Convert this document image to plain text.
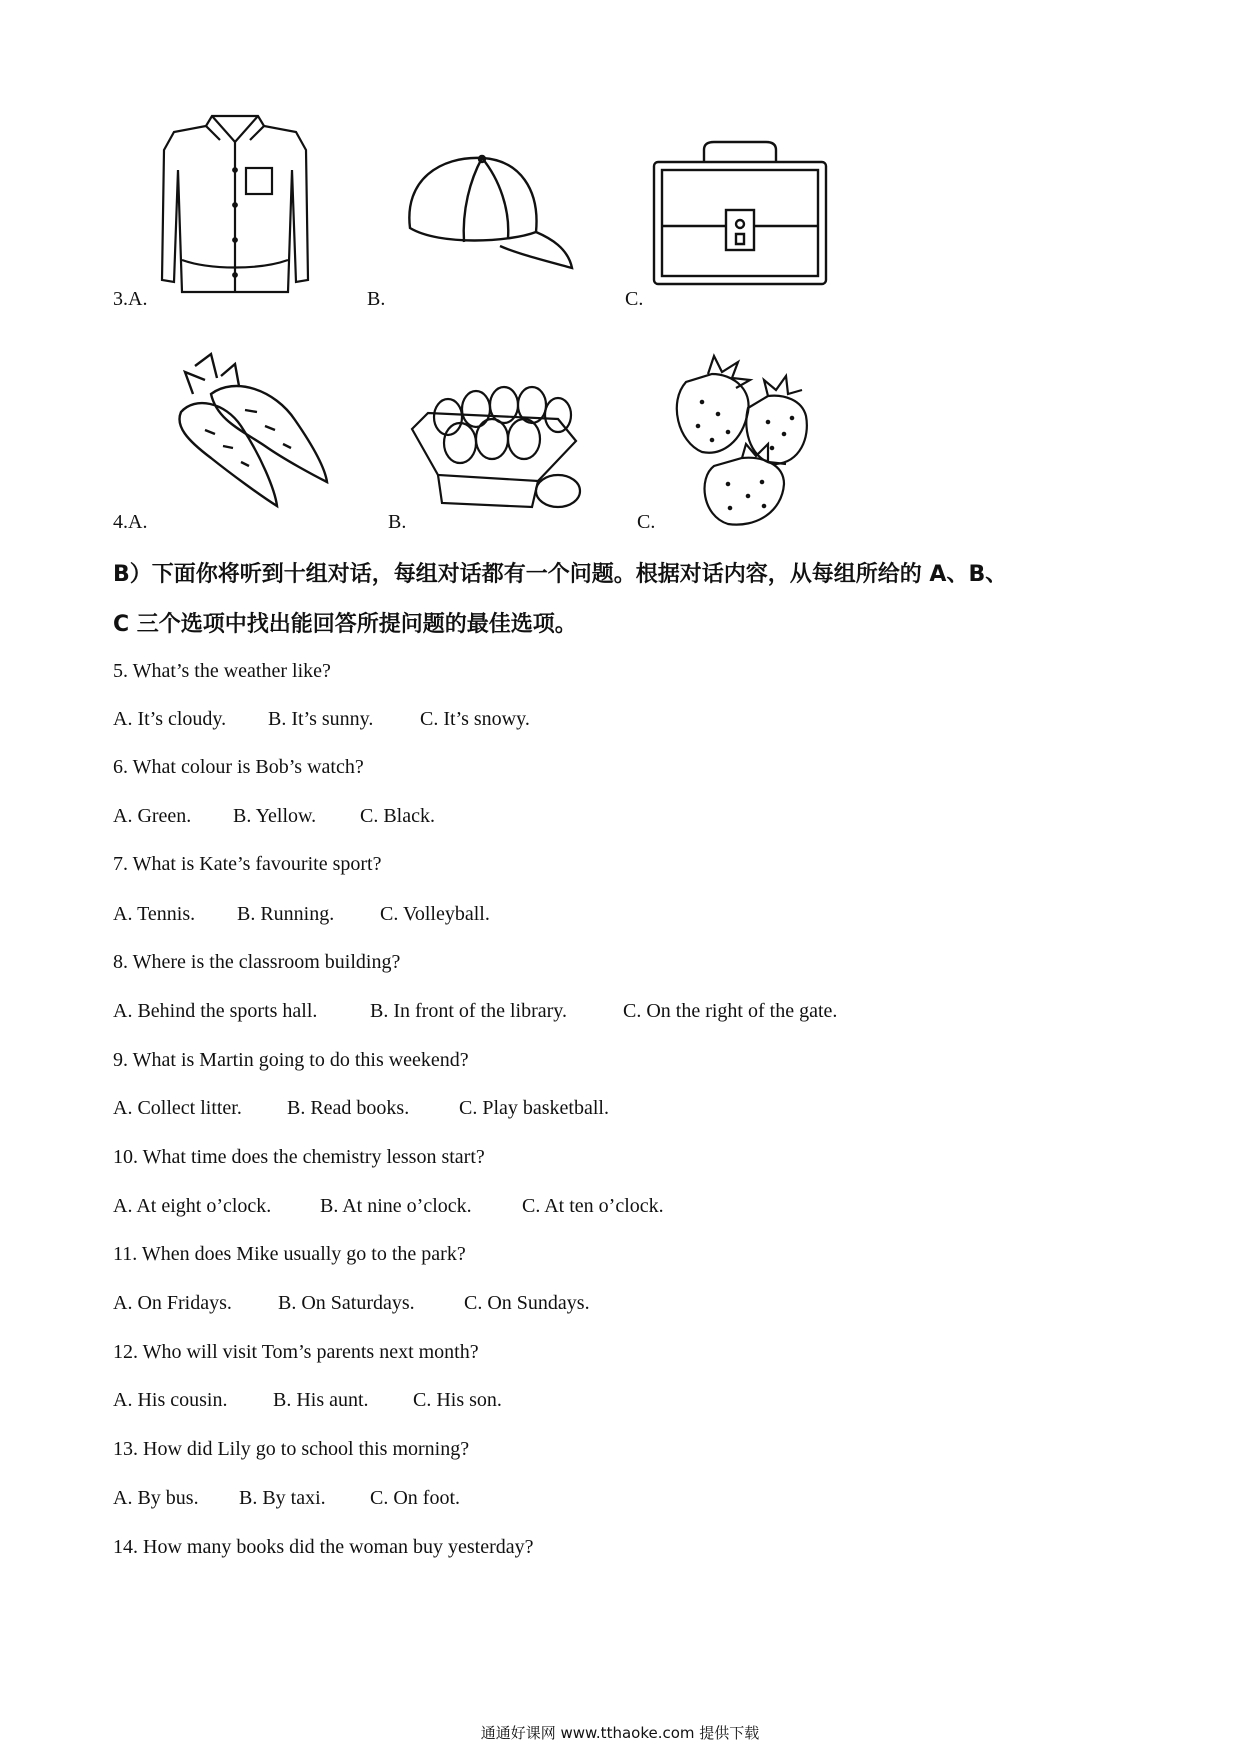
3.A.	B.	C.
4.A.	B.	C.
B）下面你将听到十组对话，每组对话都有一个问题。根据对话内容，从每组所给的 A、B、
C 三个选项中找出能回答所提问题的最佳选项。
5. What’s the weather like?
A. It’s cloudy. B. It’s sunny. C. It’s snowy.
6. What colour is Bob’s watch?
A. Green. B. Yellow. C. Black.
7. What is Kate’s favourite sport?
A. Tennis. B. Running. C. Volleyball.
8. Where is the classroom building?
A. Behind the sports hall.	B. In front of the library.	C. On the right of the gate.
9. What is Martin going to do this weekend?
A. Collect litter. B. Read books. C. Play basketball.
10. What time does the chemistry lesson start?
A. At eight o’clock. B. At nine o’clock.	C. At ten o’clock.
11. When does Mike usually go to the park?
A. On Fridays. B. On Saturdays. C. On Sundays.
12. Who will visit Tom’s parents next month?
A. His cousin. B. His aunt. C. His son.
13. How did Lily go to school this morning?
A. By bus. B. By taxi. C. On foot.
14. How many books did the woman buy yesterday?
通通好课网 www.tthaoke.com 提供下载
